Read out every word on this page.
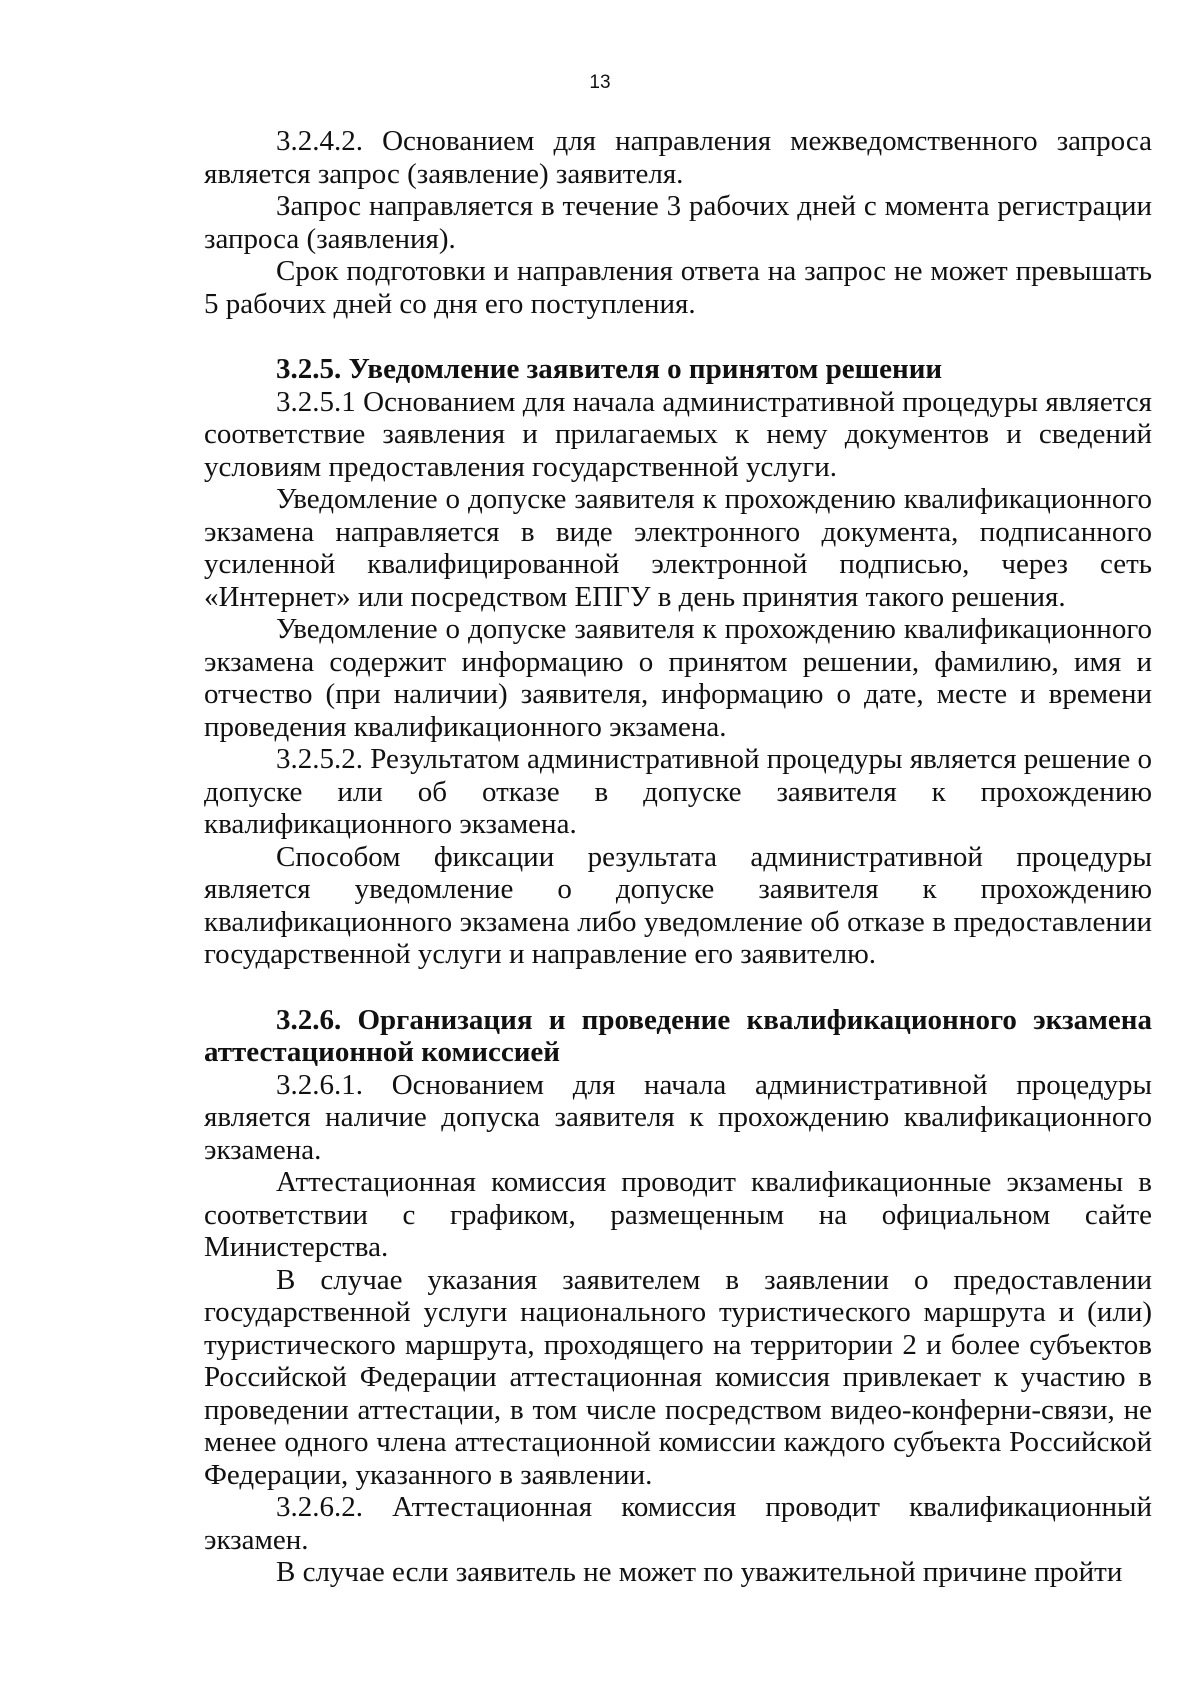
13

3.2.4.2. Основанием для направления межведомственного запроса является запрос (заявление) заявителя.

Запрос направляется в течение 3 рабочих дней с момента регистрации запроса (заявления).

Срок подготовки и направления ответа на запрос не может превышать 5 рабочих дней со дня его поступления.

3.2.5. Уведомление заявителя о принятом решении

3.2.5.1 Основанием для начала административной процедуры является соответствие заявления и прилагаемых к нему документов и сведений условиям предоставления государственной услуги.

Уведомление о допуске заявителя к прохождению квалификационного экзамена направляется в виде электронного документа, подписанного усиленной квалифицированной электронной подписью, через сеть «Интернет» или посредством ЕПГУ в день принятия такого решения.

Уведомление о допуске заявителя к прохождению квалификационного экзамена содержит информацию о принятом решении, фамилию, имя и отчество (при наличии) заявителя, информацию о дате, месте и времени проведения квалификационного экзамена.

3.2.5.2. Результатом административной процедуры является решение о допуске или об отказе в допуске заявителя к прохождению квалификационного экзамена.

Способом фиксации результата административной процедуры является уведомление о допуске заявителя к прохождению квалификационного экзамена либо уведомление об отказе в предоставлении государственной услуги и направление его заявителю.

3.2.6. Организация и проведение квалификационного экзамена аттестационной комиссией

3.2.6.1. Основанием для начала административной процедуры является наличие допуска заявителя к прохождению квалификационного экзамена.

Аттестационная комиссия проводит квалификационные экзамены в соответствии с графиком, размещенным на официальном сайте Министерства.

В случае указания заявителем в заявлении о предоставлении государственной услуги национального туристического маршрута и (или) туристического маршрута, проходящего на территории 2 и более субъектов Российской Федерации аттестационная комиссия привлекает к участию в проведении аттестации, в том числе посредством видео-конферни-связи, не менее одного члена аттестационной комиссии каждого субъекта Российской Федерации, указанного в заявлении.

3.2.6.2. Аттестационная комиссия проводит квалификационный экзамен.

В случае если заявитель не может по уважительной причине пройти
